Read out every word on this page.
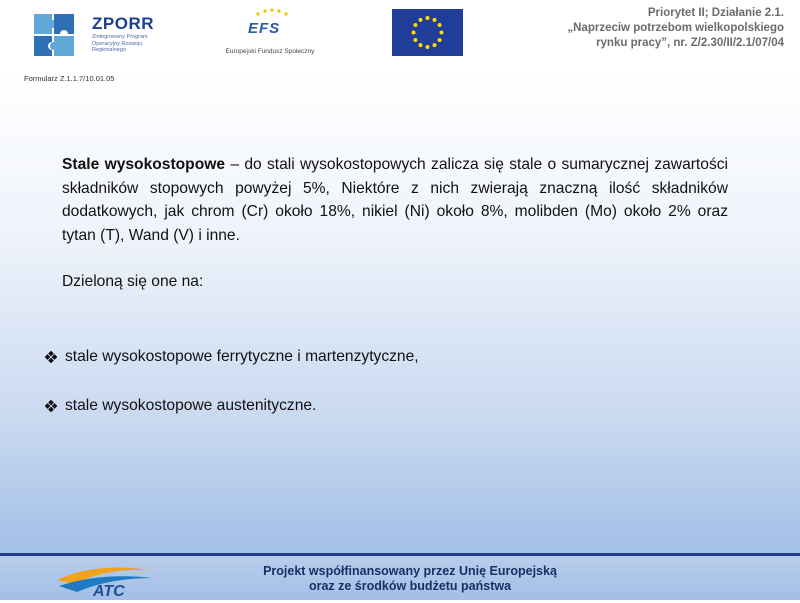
ZPORR
Zintegrowany Program Operacyjny Rozwoju Regionalnego
EFS
Europejski Fundusz Społeczny
Priorytet II; Działanie 2.1.
„Naprzeciw potrzebom wielkopolskiego
rynku pracy”, nr. Z/2.30/II/2.1/07/04
Formularz Z.1.1.7/10.01.05

Stale wysokostopowe – do stali wysokostopowych zalicza się stale o sumarycznej zawartości składników stopowych powyżej 5%, Niektóre z nich zwierają znaczną ilość składników dodatkowych, jak chrom (Cr) około 18%, nikiel (Ni) około 8%, molibden (Mo) około 2% oraz tytan (T), Wand (V) i inne.

Dzieloną się one na:

stale wysokostopowe ferrytyczne i martenzytyczne,
stale wysokostopowe austenityczne.
Projekt współfinansowany przez Unię Europejską
oraz ze środków budżetu państwa
ATC
